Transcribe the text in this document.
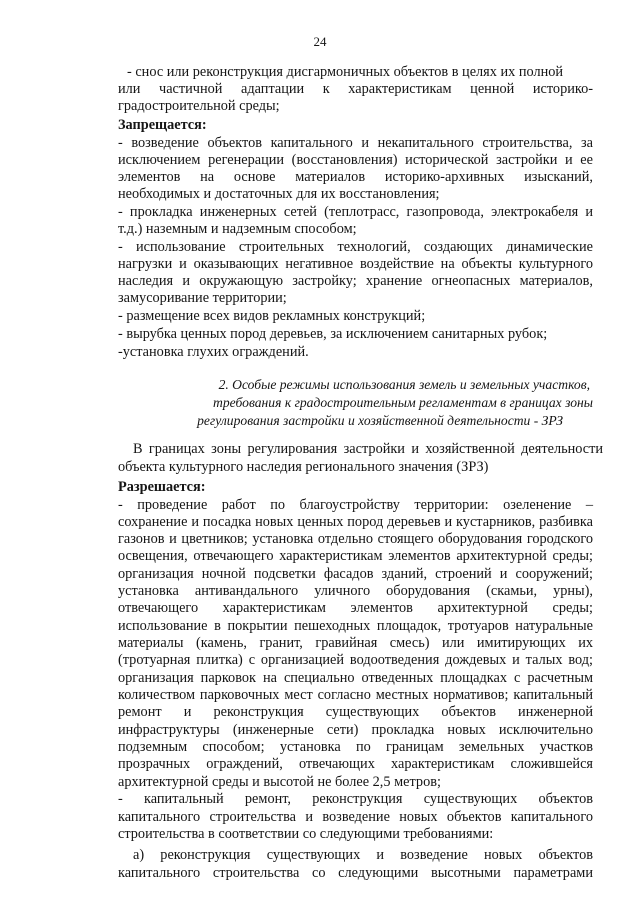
24
- снос или реконструкция дисгармоничных объектов в целях их полной
или частичной адаптации к характеристикам ценной историко-
градостроительной среды;
Запрещается:
- возведение объектов капитального и некапитального строительства, за
исключением регенерации (восстановления) исторической застройки и ее
элементов на основе материалов историко-архивных изысканий,
необходимых и достаточных для их восстановления;
- прокладка инженерных сетей (теплотрасс, газопровода, электрокабеля и
т.д.) наземным и надземным способом;
- использование строительных технологий, создающих динамические
нагрузки и оказывающих негативное воздействие на объекты культурного
наследия и окружающую застройку; хранение огнеопасных материалов,
замусоривание территории;
- размещение всех видов рекламных конструкций;
- вырубка ценных пород деревьев, за исключением санитарных рубок;
-установка глухих ограждений.
2. Особые режимы использования земель и земельных участков,
требования к градостроительным регламентам в границах зоны
регулирования застройки и хозяйственной деятельности - ЗРЗ
В границах зоны регулирования застройки и хозяйственной деятельности
объекта культурного наследия регионального значения (ЗРЗ)
Разрешается:
- проведение работ по благоустройству территории: озеленение –
сохранение и посадка новых ценных пород деревьев и кустарников, разбивка
газонов и цветников; установка отдельно стоящего оборудования городского
освещения, отвечающего характеристикам элементов архитектурной среды;
организация ночной подсветки фасадов зданий, строений и сооружений;
установка антивандального уличного оборудования (скамьи, урны),
отвечающего характеристикам элементов архитектурной среды;
использование в покрытии пешеходных площадок, тротуаров натуральные
материалы (камень, гранит, гравийная смесь) или имитирующих их
(тротуарная плитка) с организацией водоотведения дождевых и талых вод;
организация парковок на специально отведенных площадках с расчетным
количеством парковочных мест согласно местных нормативов; капитальный
ремонт и реконструкция существующих объектов инженерной
инфраструктуры (инженерные сети) прокладка новых исключительно
подземным способом; установка по границам земельных участков
прозрачных ограждений, отвечающих характеристикам сложившейся
архитектурной среды и высотой не более 2,5 метров;
- капитальный ремонт, реконструкция существующих объектов
капитального строительства и возведение новых объектов капитального
строительства в соответствии со следующими требованиями:
а) реконструкция существующих и возведение новых объектов
капитального строительства со следующими высотными параметрами
